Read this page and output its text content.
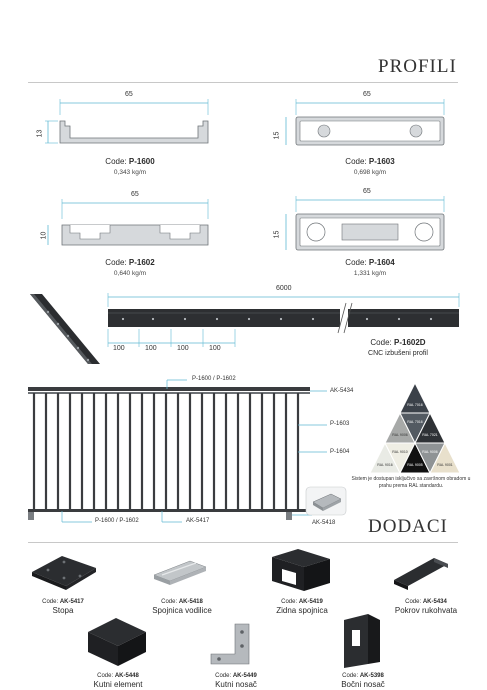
PROFILI
65
13
Code: P-1600
0,343 kg/m
65
15
Code: P-1603
0,698 kg/m
65
10
Code: P-1602
0,640 kg/m
65
15
Code: P-1604
1,331 kg/m
6000
100	100	100	100
Code: P-1602D
CNC izbušeni profil
P-1600 / P-1602
AK-5434
P-1603
P-1604
P-1600 / P-1602	AK-5417	AK-5418
RAL 7016
RAL 9006
RAL 7016
RAL 7021
RAL 9016
RAL 9010
RAL 9005
RAL 9006
RAL 9001
Sistem je dostupan isključivo sa završnom obradom u prahu prema RAL standardu.
DODACI
Code: AK-5417
Stopa
Code: AK-5418
Spojnica vodilice
Code: AK-5419
Zidna spojnica
Code: AK-5434
Pokrov rukohvata
Code: AK-5448
Kutni element
Code: AK-5449
Kutni nosač
Code: AK-5398
Bočni nosač
